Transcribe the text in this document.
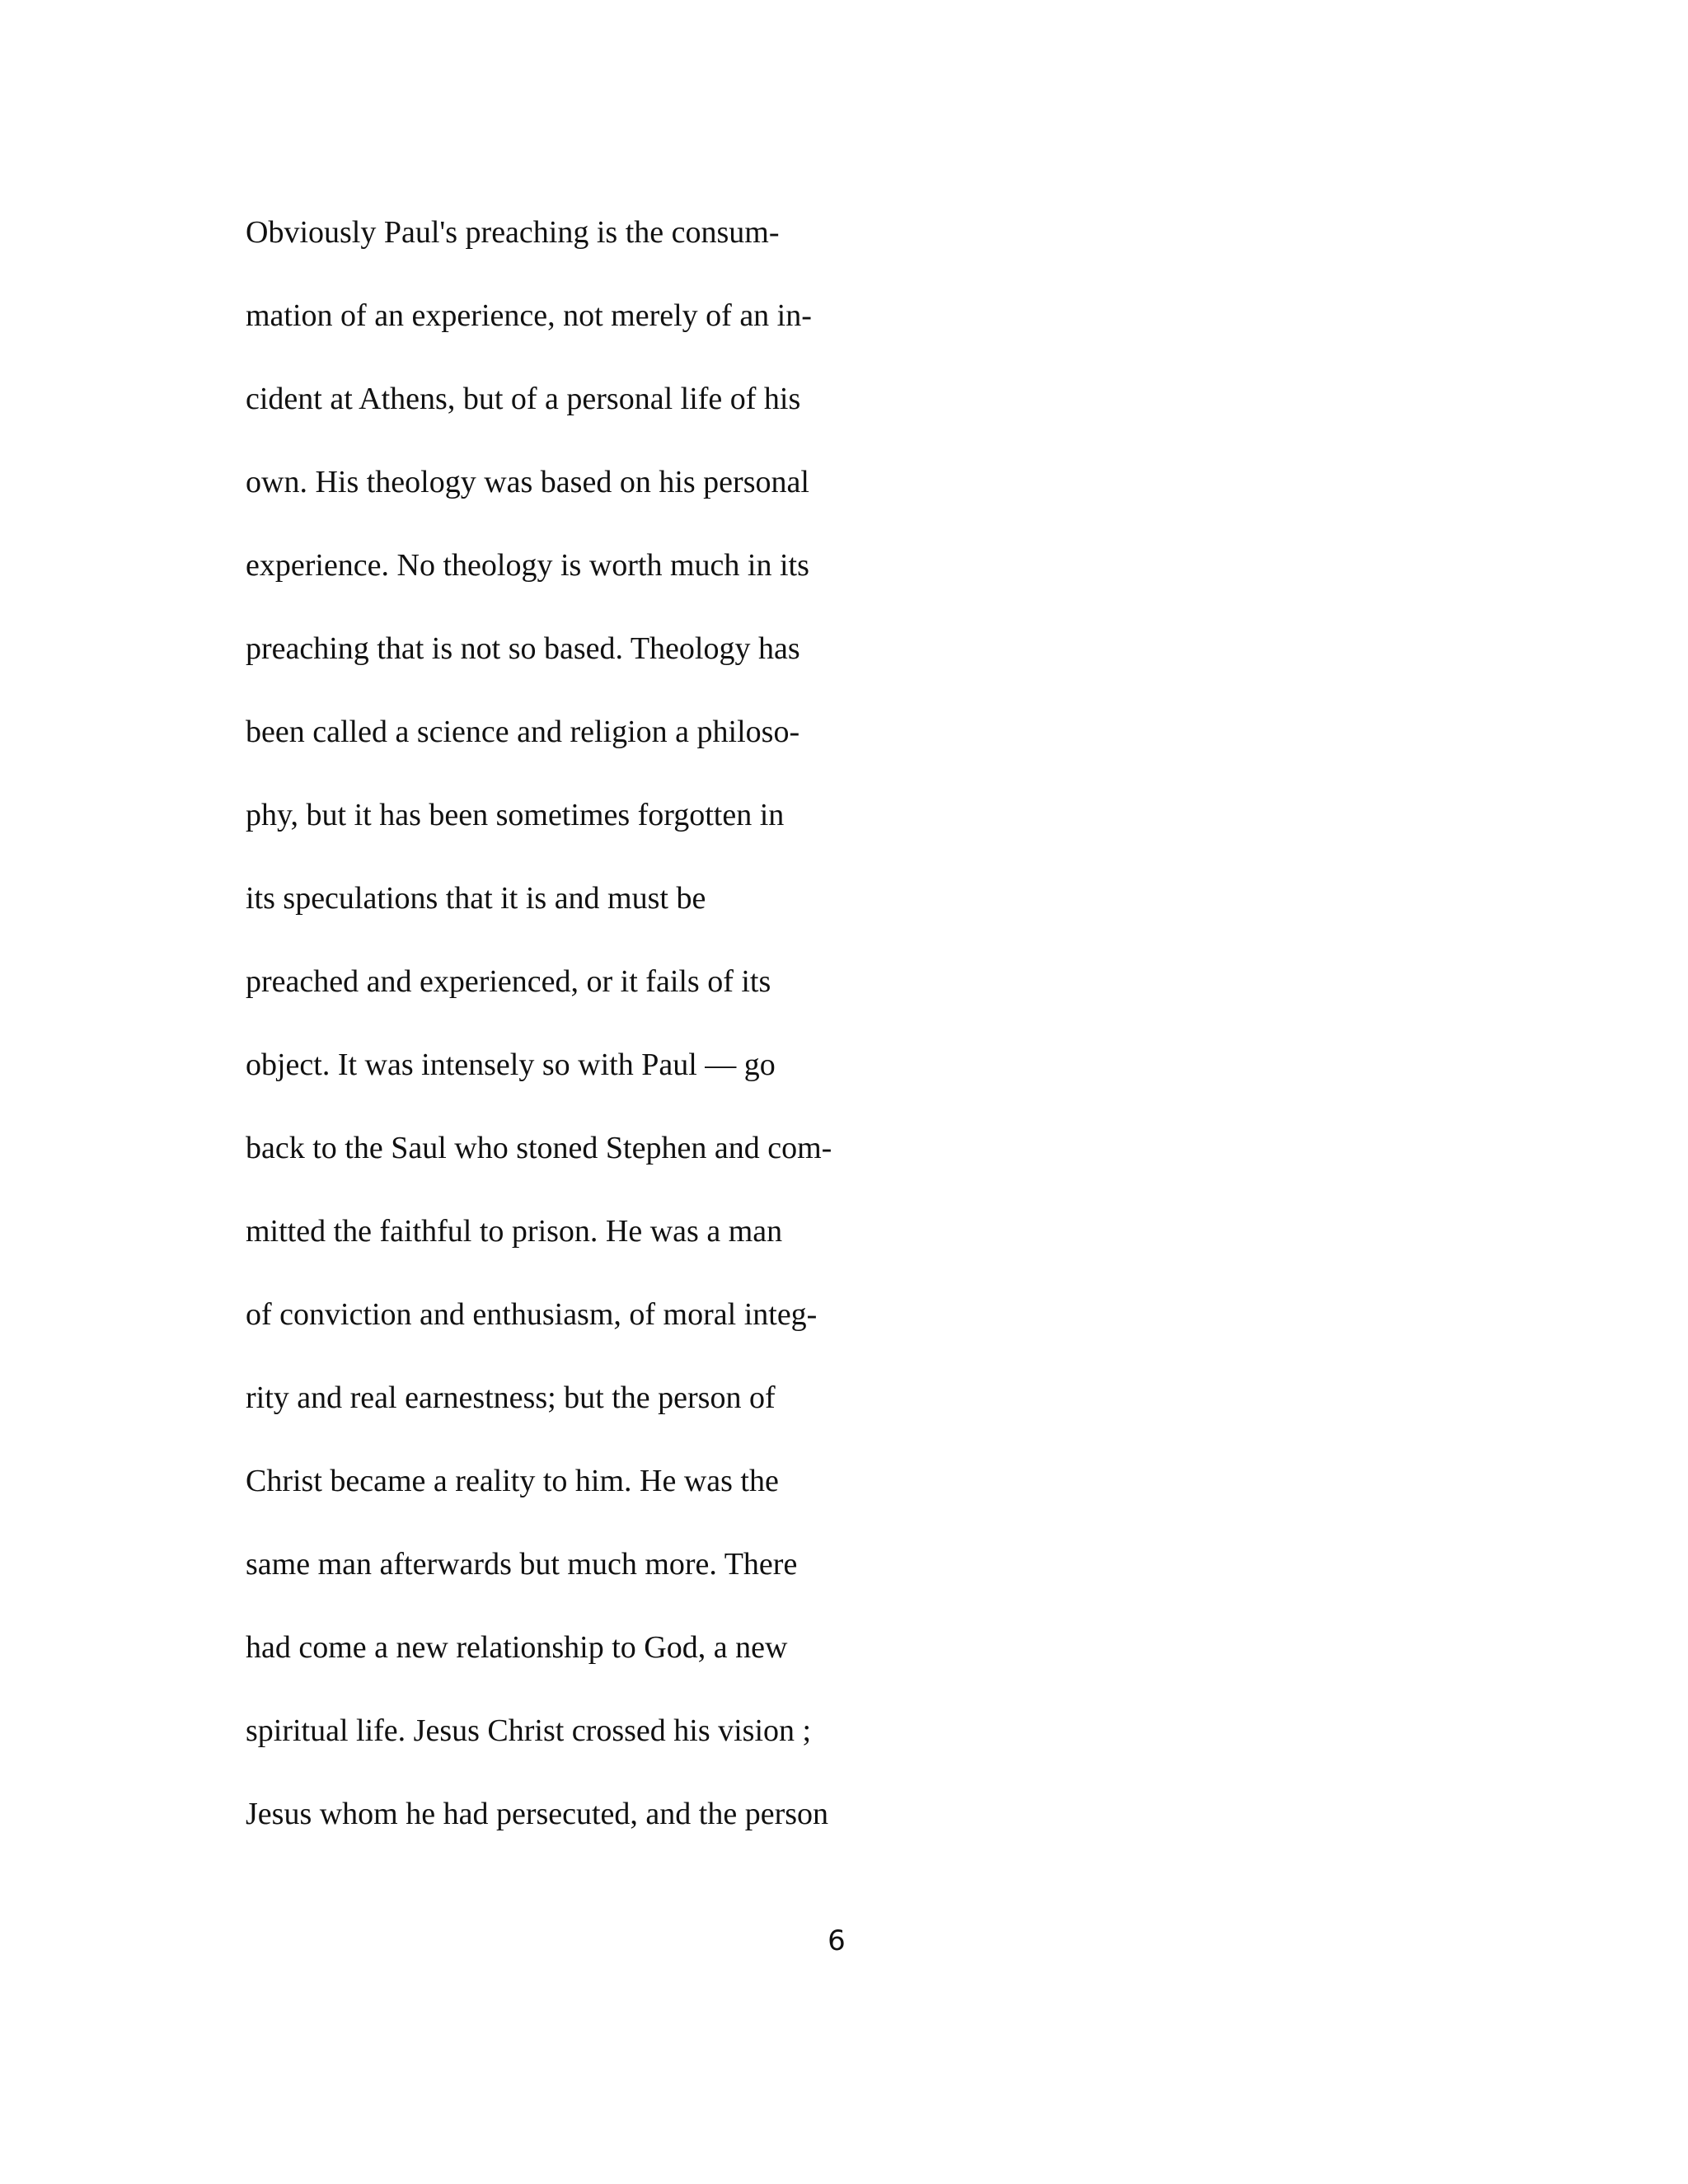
Obviously Paul's preaching is the consum-
mation of an experience, not merely of an in-
cident at Athens, but of a personal life of his
own. His theology was based on his personal
experience. No theology is worth much in its
preaching that is not so based. Theology has
been called a science and religion a philoso-
phy, but it has been sometimes forgotten in
its speculations that it is and must be
preached and experienced, or it fails of its
object. It was intensely so with Paul — go
back to the Saul who stoned Stephen and com-
mitted the faithful to prison. He was a man
of conviction and enthusiasm, of moral integ-
rity and real earnestness; but the person of
Christ became a reality to him. He was the
same man afterwards but much more. There
had come a new relationship to God, a new
spiritual life. Jesus Christ crossed his vision ;
Jesus whom he had persecuted, and the person
6
